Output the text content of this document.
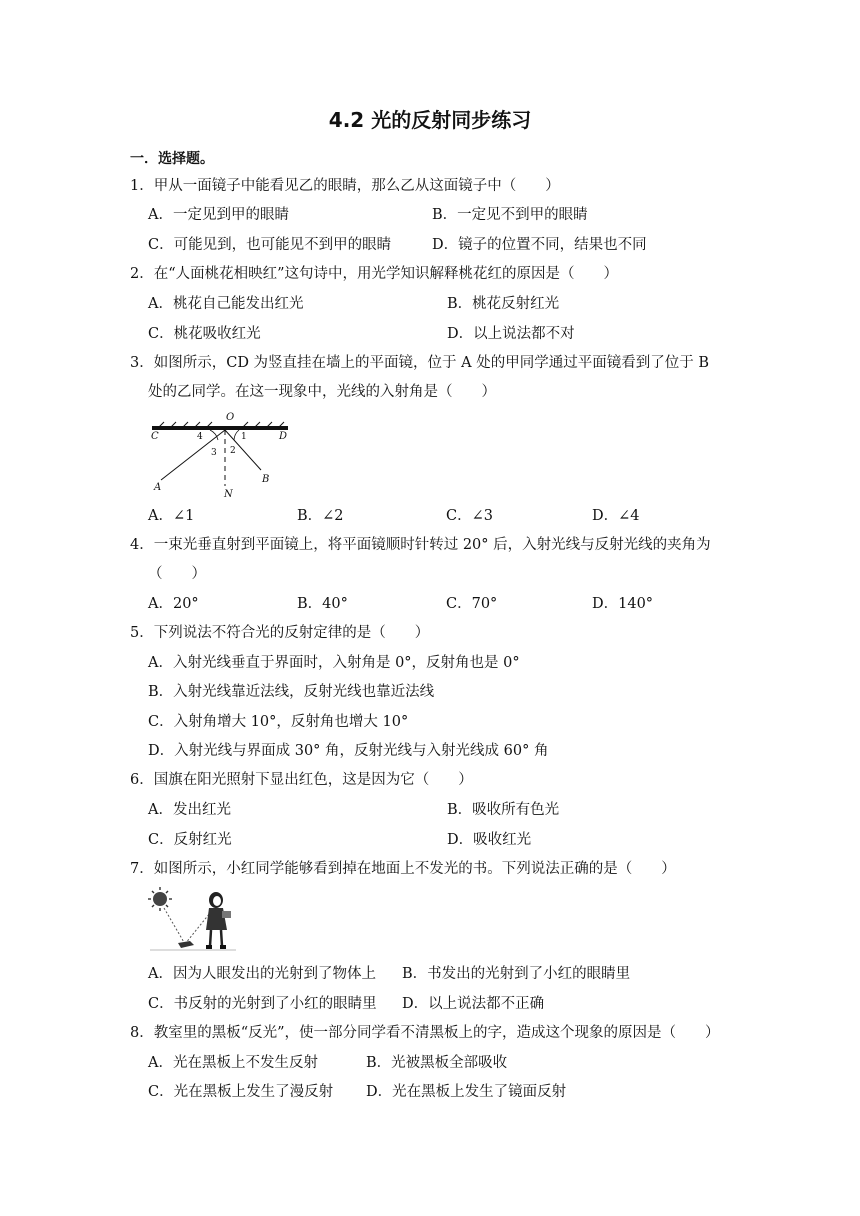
4.2 光的反射同步练习
一．选择题。
1．甲从一面镜子中能看见乙的眼睛，那么乙从这面镜子中（　　）
A．一定见到甲的眼睛	B．一定见不到甲的眼睛
C．可能见到，也可能见不到甲的眼睛	D．镜子的位置不同，结果也不同
2．在“人面桃花相映红”这句诗中，用光学知识解释桃花红的原因是（　　）
A．桃花自己能发出红光	B．桃花反射红光
C．桃花吸收红光	D．以上说法都不对
3．如图所示，CD 为竖直挂在墙上的平面镜，位于 A 处的甲同学通过平面镜看到了位于 B
处的乙同学。在这一现象中，光线的入射角是（　　）
O
C	D
A
B
N
4	1
3 2
A．∠1	B．∠2	C．∠3	D．∠4
4．一束光垂直射到平面镜上，将平面镜顺时针转过 20° 后，入射光线与反射光线的夹角为
（　　）
A．20°	B．40°	C．70°	D．140°
5．下列说法不符合光的反射定律的是（　　）
A．入射光线垂直于界面时，入射角是 0°，反射角也是 0°
B．入射光线靠近法线，反射光线也靠近法线
C．入射角增大 10°，反射角也增大 10°
D．入射光线与界面成 30° 角，反射光线与入射光线成 60° 角
6．国旗在阳光照射下显出红色，这是因为它（　　）
A．发出红光	B．吸收所有色光
C．反射红光	D．吸收红光
7．如图所示，小红同学能够看到掉在地面上不发光的书。下列说法正确的是（　　）
A．因为人眼发出的光射到了物体上 B．书发出的光射到了小红的眼睛里
C．书反射的光射到了小红的眼睛里 D．以上说法都不正确
8．教室里的黑板“反光”，使一部分同学看不清黑板上的字，造成这个现象的原因是（　　）
A．光在黑板上不发生反射	B．光被黑板全部吸收
C．光在黑板上发生了漫反射 D．光在黑板上发生了镜面反射
